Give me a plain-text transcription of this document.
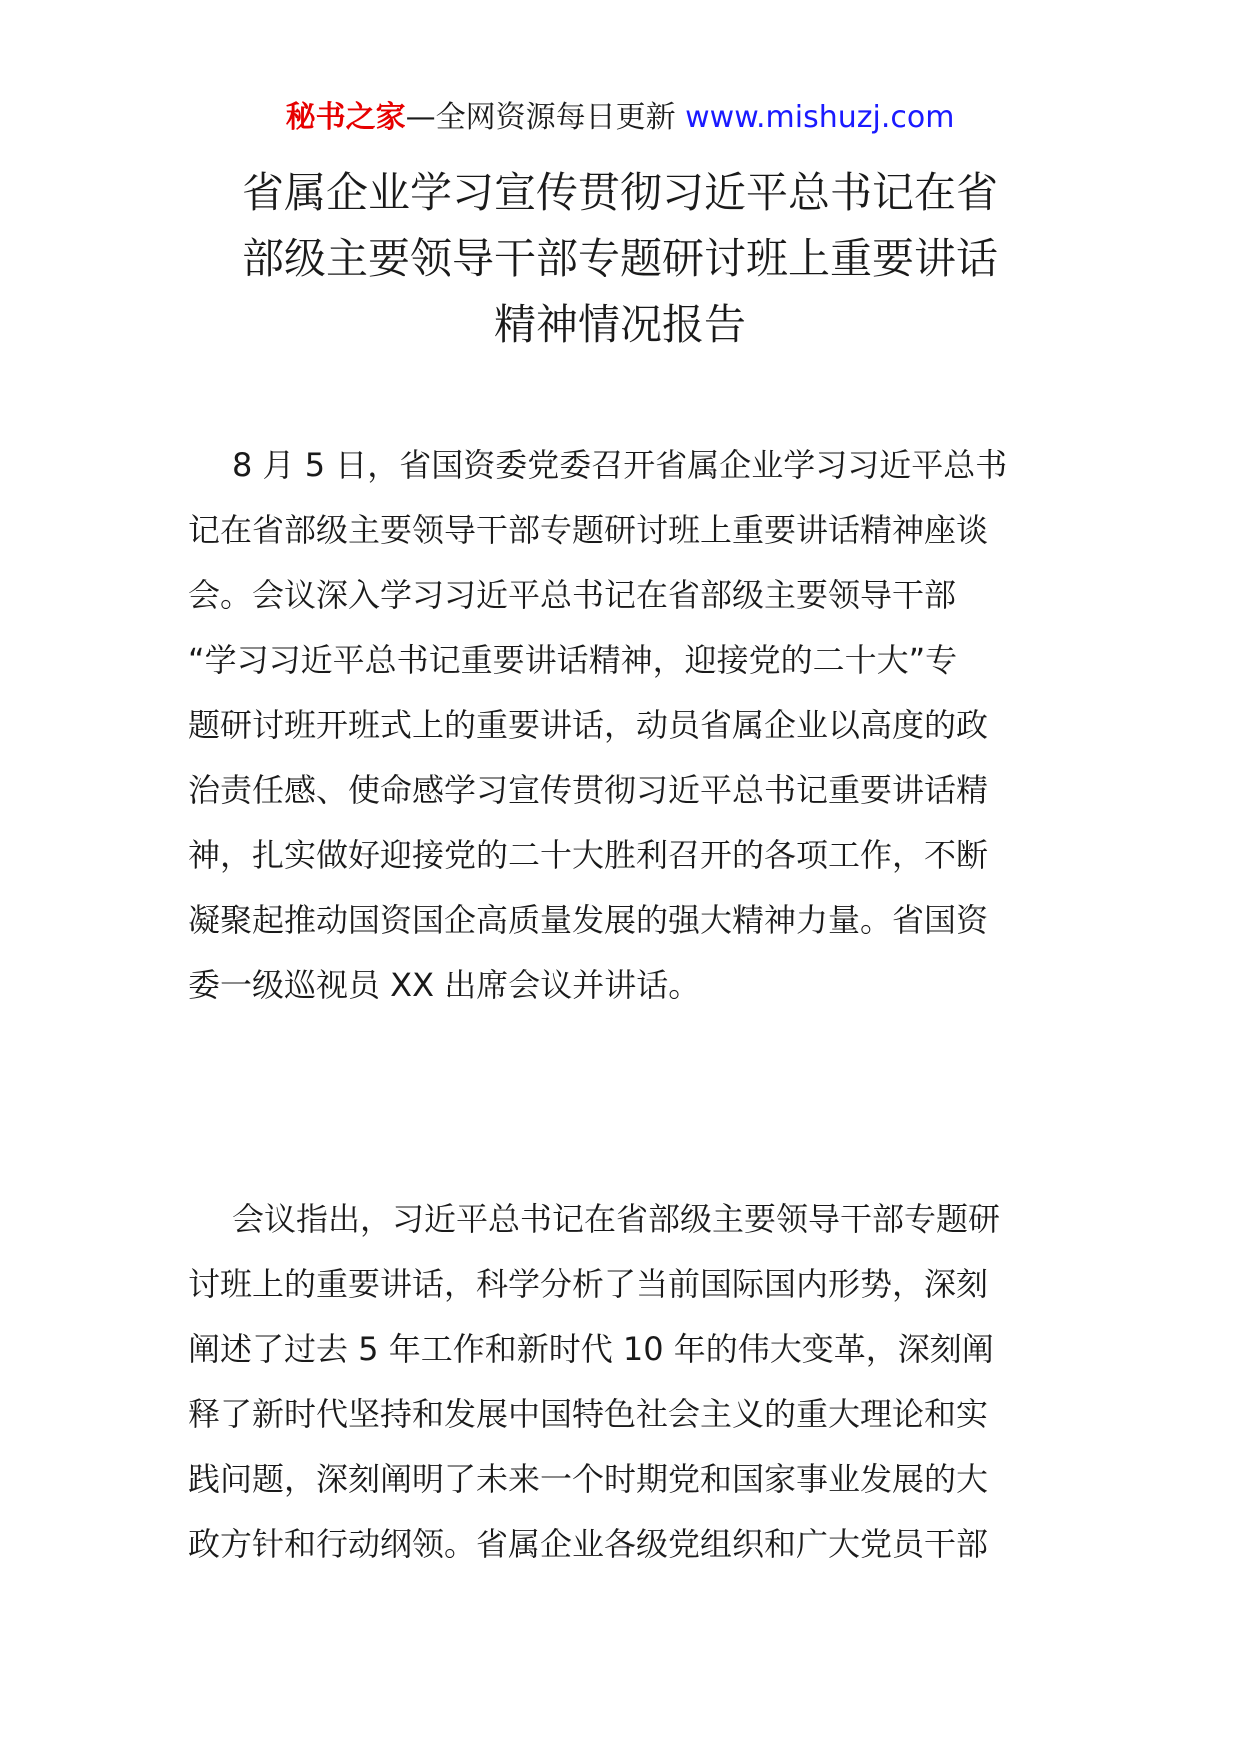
秘书之家—全网资源每日更新 www.mishuzj.com
省属企业学习宣传贯彻习近平总书记在省
部级主要领导干部专题研讨班上重要讲话
精神情况报告
8 月 5 日，省国资委党委召开省属企业学习习近平总书
记在省部级主要领导干部专题研讨班上重要讲话精神座谈
会。会议深入学习习近平总书记在省部级主要领导干部
“学习习近平总书记重要讲话精神，迎接党的二十大”专
题研讨班开班式上的重要讲话，动员省属企业以高度的政
治责任感、使命感学习宣传贯彻习近平总书记重要讲话精
神，扎实做好迎接党的二十大胜利召开的各项工作，不断
凝聚起推动国资国企高质量发展的强大精神力量。省国资
委一级巡视员 XX 出席会议并讲话。
会议指出，习近平总书记在省部级主要领导干部专题研
讨班上的重要讲话，科学分析了当前国际国内形势，深刻
阐述了过去 5 年工作和新时代 10 年的伟大变革，深刻阐
释了新时代坚持和发展中国特色社会主义的重大理论和实
践问题，深刻阐明了未来一个时期党和国家事业发展的大
政方针和行动纲领。省属企业各级党组织和广大党员干部
